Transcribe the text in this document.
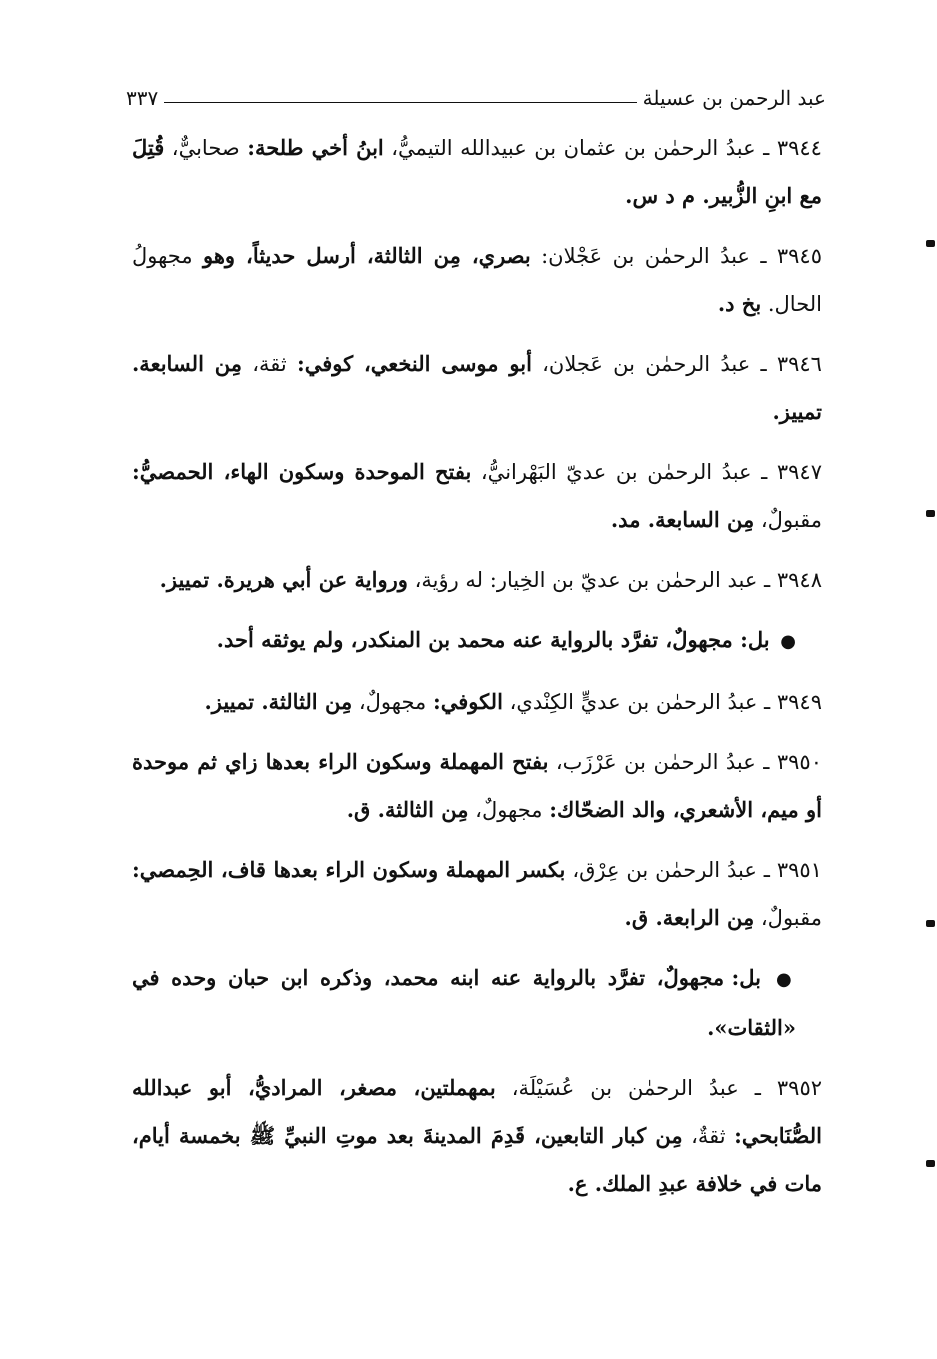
عبد الرحمن بن عسيلة
٣٣٧

٣٩٤٤ ـ عبدُ الرحمٰن بن عثمان بن عبيدالله التيميُّ، ابنُ أخي طلحة: صحابيٌّ، قُتِلَ مع ابنِ الزُّبير. م د س.

٣٩٤٥ ـ عبدُ الرحمٰن بن عَجْلان: بصري، مِن الثالثة، أرسل حديثاً، وهو مجهولُ الحال. بخ د.

٣٩٤٦ ـ عبدُ الرحمٰن بن عَجلان، أبو موسى النخعي، كوفي: ثقة، مِن السابعة. تمييز.

٣٩٤٧ ـ عبدُ الرحمٰن بن عديّ البَهْرانيُّ، بفتح الموحدة وسكون الهاء، الحمصيُّ: مقبولٌ، مِن السابعة. مد.

٣٩٤٨ ـ عبد الرحمٰن بن عديّ بن الخِيار: له رؤية، ورواية عن أبي هريرة. تمييز.

● بل: مجهولٌ، تفرَّد بالرواية عنه محمد بن المنكدر، ولم يوثقه أحد.

٣٩٤٩ ـ عبدُ الرحمٰن بن عديٍّ الكِنْدي، الكوفي: مجهولٌ، مِن الثالثة. تمييز.

٣٩٥٠ ـ عبدُ الرحمٰن بن عَرْزَب، بفتح المهملة وسكون الراء بعدها زاي ثم موحدة أو ميم، الأشعري، والد الضحّاك: مجهولٌ، مِن الثالثة. ق.

٣٩٥١ ـ عبدُ الرحمٰن بن عِرْق، بكسر المهملة وسكون الراء بعدها قاف، الحِمصي: مقبولٌ، مِن الرابعة. ق.

● بل: مجهولٌ، تفرَّد بالرواية عنه ابنه محمد، وذكره ابن حبان وحده في «الثقات».

٣٩٥٢ ـ عبدُ الرحمٰن بن عُسَيْلَة، بمهملتين، مصغر، المراديُّ، أبو عبدالله الصُّنَابحي: ثقةٌ، مِن كبار التابعين، قَدِمَ المدينةَ بعد موتِ النبيِّ ﷺ بخمسة أيام، مات في خلافة عبدِ الملك. ع.
